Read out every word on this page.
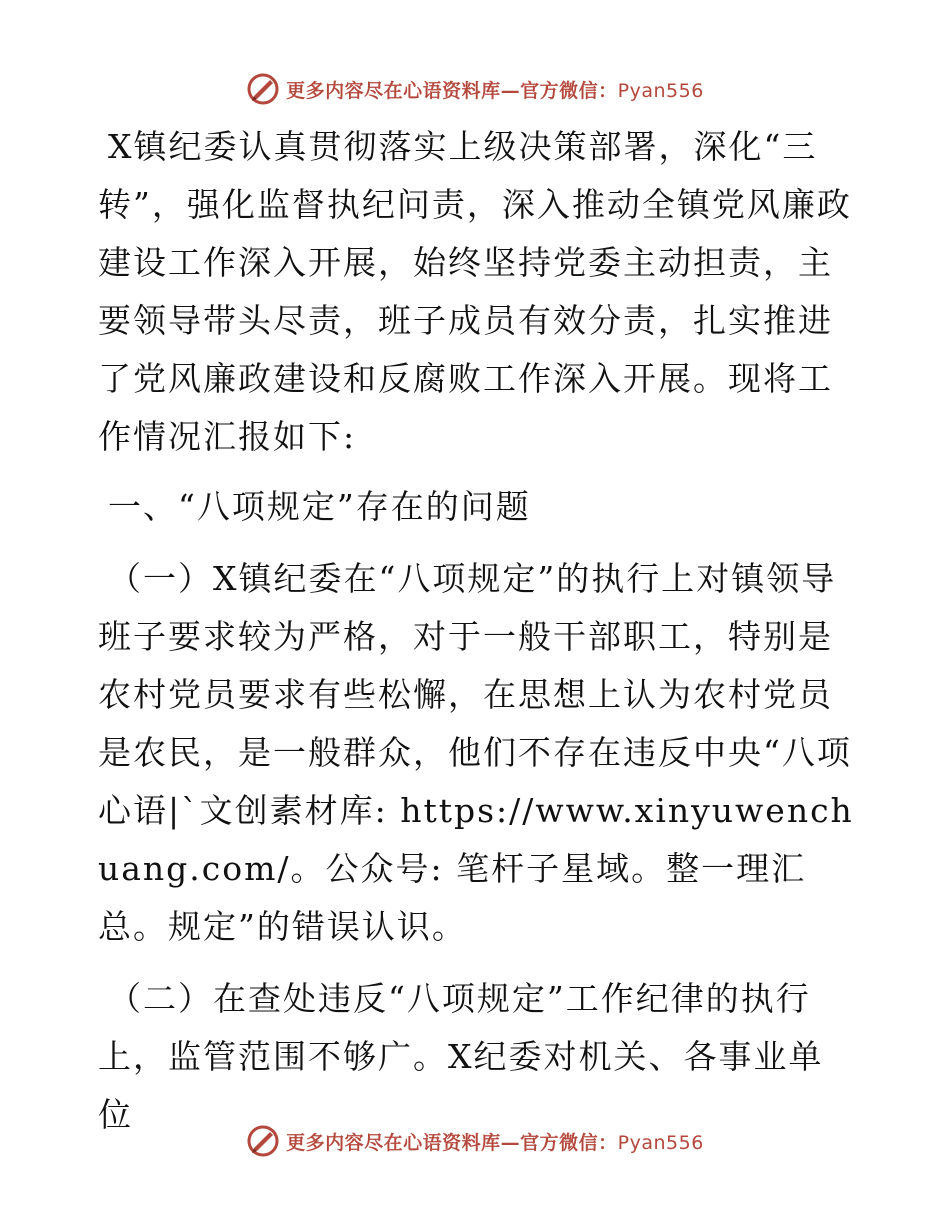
更多内容尽在心语资料库—官方微信：Pyan556

X镇纪委认真贯彻落实上级决策部署，深化“三转”，强化监督执纪问责，深入推动全镇党风廉政建设工作深入开展，始终坚持党委主动担责，主要领导带头尽责，班子成员有效分责，扎实推进了党风廉政建设和反腐败工作深入开展。现将工作情况汇报如下:

一、“八项规定”存在的问题

（一）X镇纪委在“八项规定”的执行上对镇领导班子要求较为严格，对于一般干部职工，特别是农村党员要求有些松懈，在思想上认为农村党员是农民，是一般群众，他们不存在违反中央“八项心语|`文创素材库: https://www.xinyuwenchuang.com/。公众号: 笔杆子星域。整一理汇总。规定”的错误认识。

（二）在查处违反“八项规定”工作纪律的执行上，监管范围不够广。X纪委对机关、各事业单位

更多内容尽在心语资料库—官方微信：Pyan556
